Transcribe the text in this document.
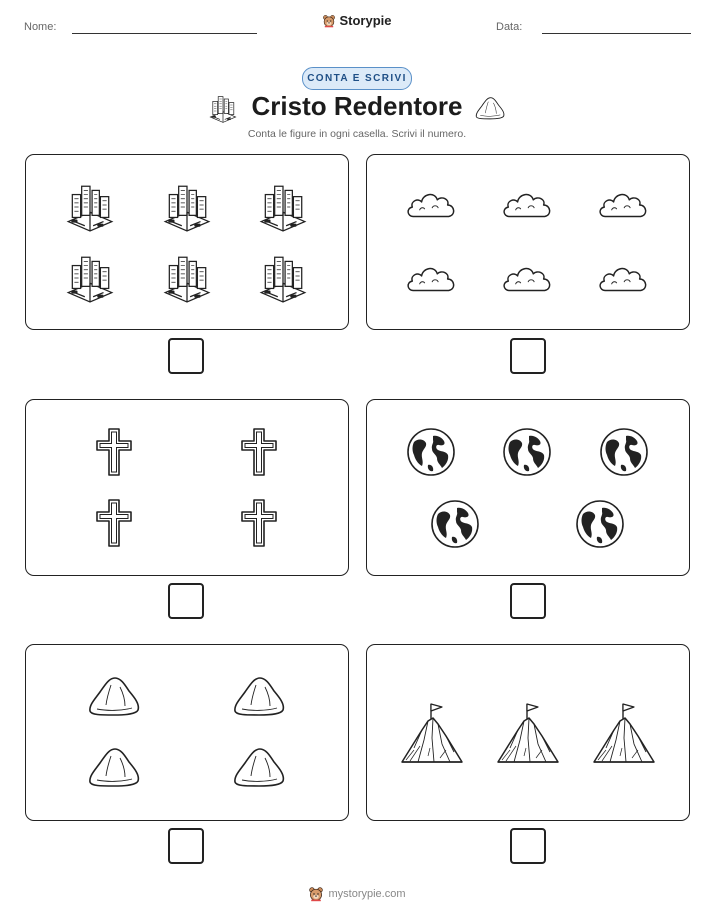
Nome:	Storypie	Data:
CONTA E SCRIVI
Cristo Redentore
Conta le figure in ogni casella. Scrivi il numero.
mystorypie.com
